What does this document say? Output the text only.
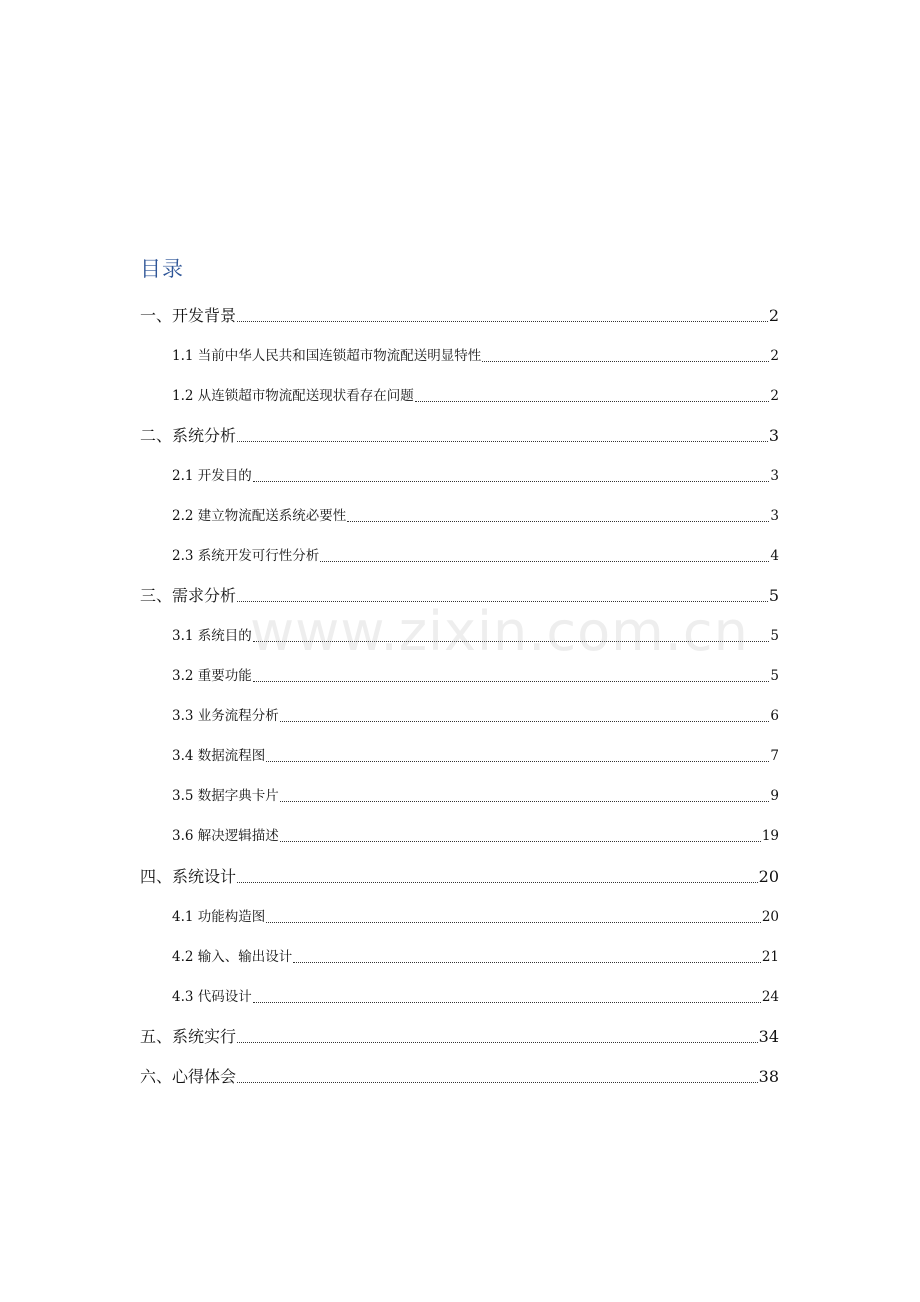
目录
一、开发背景	2
1.1 当前中华人民共和国连锁超市物流配送明显特性	2
1.2 从连锁超市物流配送现状看存在问题	2
二、系统分析	3
2.1 开发目的	3
2.2 建立物流配送系统必要性	3
2.3 系统开发可行性分析	4
三、需求分析	5
3.1 系统目的	5
3.2 重要功能	5
3.3 业务流程分析	6
3.4 数据流程图	7
3.5 数据字典卡片	9
3.6 解决逻辑描述	19
四、系统设计	20
4.1 功能构造图	20
4.2 输入、输出设计	21
4.3 代码设计	24
五、系统实行	34
六、心得体会	38
www.zixin.com.cn
